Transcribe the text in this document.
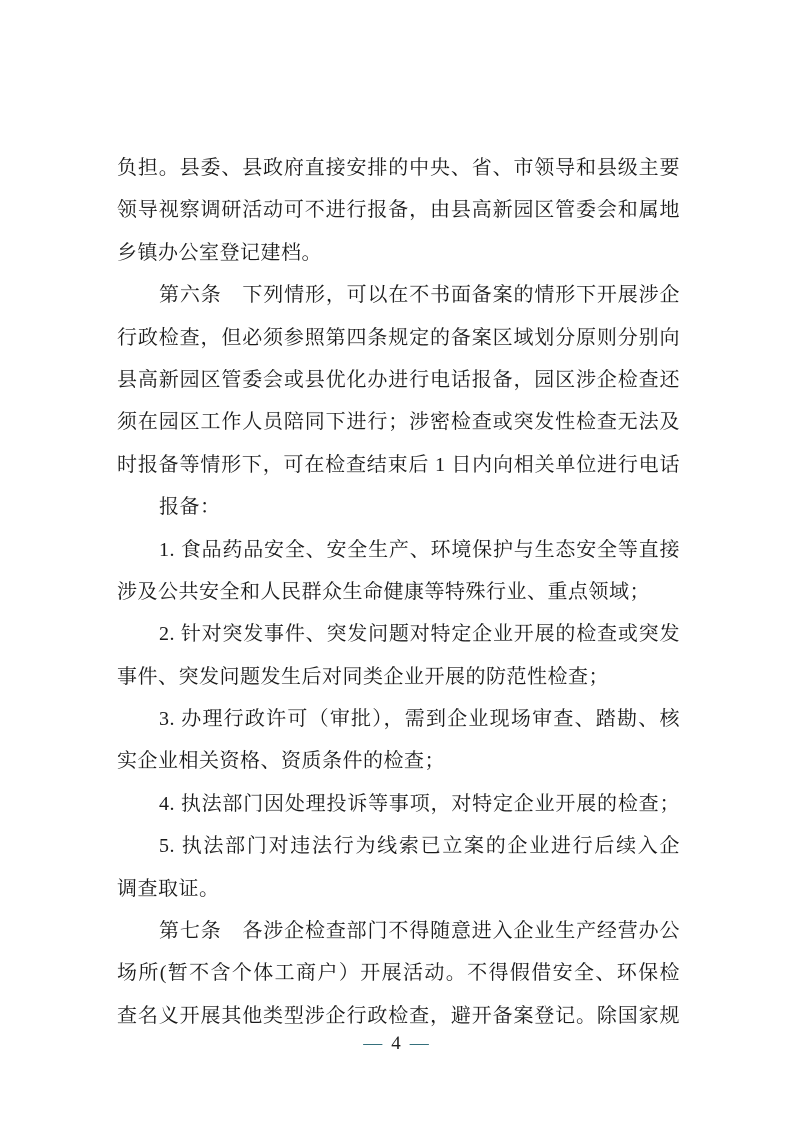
负担。县委、县政府直接安排的中央、省、市领导和县级主要
领导视察调研活动可不进行报备，由县高新园区管委会和属地
乡镇办公室登记建档。
第六条　下列情形，可以在不书面备案的情形下开展涉企
行政检查，但必须参照第四条规定的备案区域划分原则分别向
县高新园区管委会或县优化办进行电话报备，园区涉企检查还
须在园区工作人员陪同下进行；涉密检查或突发性检查无法及
时报备等情形下，可在检查结束后 1 日内向相关单位进行电话
报备：
1. 食品药品安全、安全生产、环境保护与生态安全等直接
涉及公共安全和人民群众生命健康等特殊行业、重点领域；
2. 针对突发事件、突发问题对特定企业开展的检查或突发
事件、突发问题发生后对同类企业开展的防范性检查；
3. 办理行政许可（审批），需到企业现场审查、踏勘、核
实企业相关资格、资质条件的检查；
4. 执法部门因处理投诉等事项，对特定企业开展的检查；
5. 执法部门对违法行为线索已立案的企业进行后续入企
调查取证。
第七条　各涉企检查部门不得随意进入企业生产经营办公
场所(暂不含个体工商户）开展活动。不得假借安全、环保检
查名义开展其他类型涉企行政检查，避开备案登记。除国家规
— 4 —
